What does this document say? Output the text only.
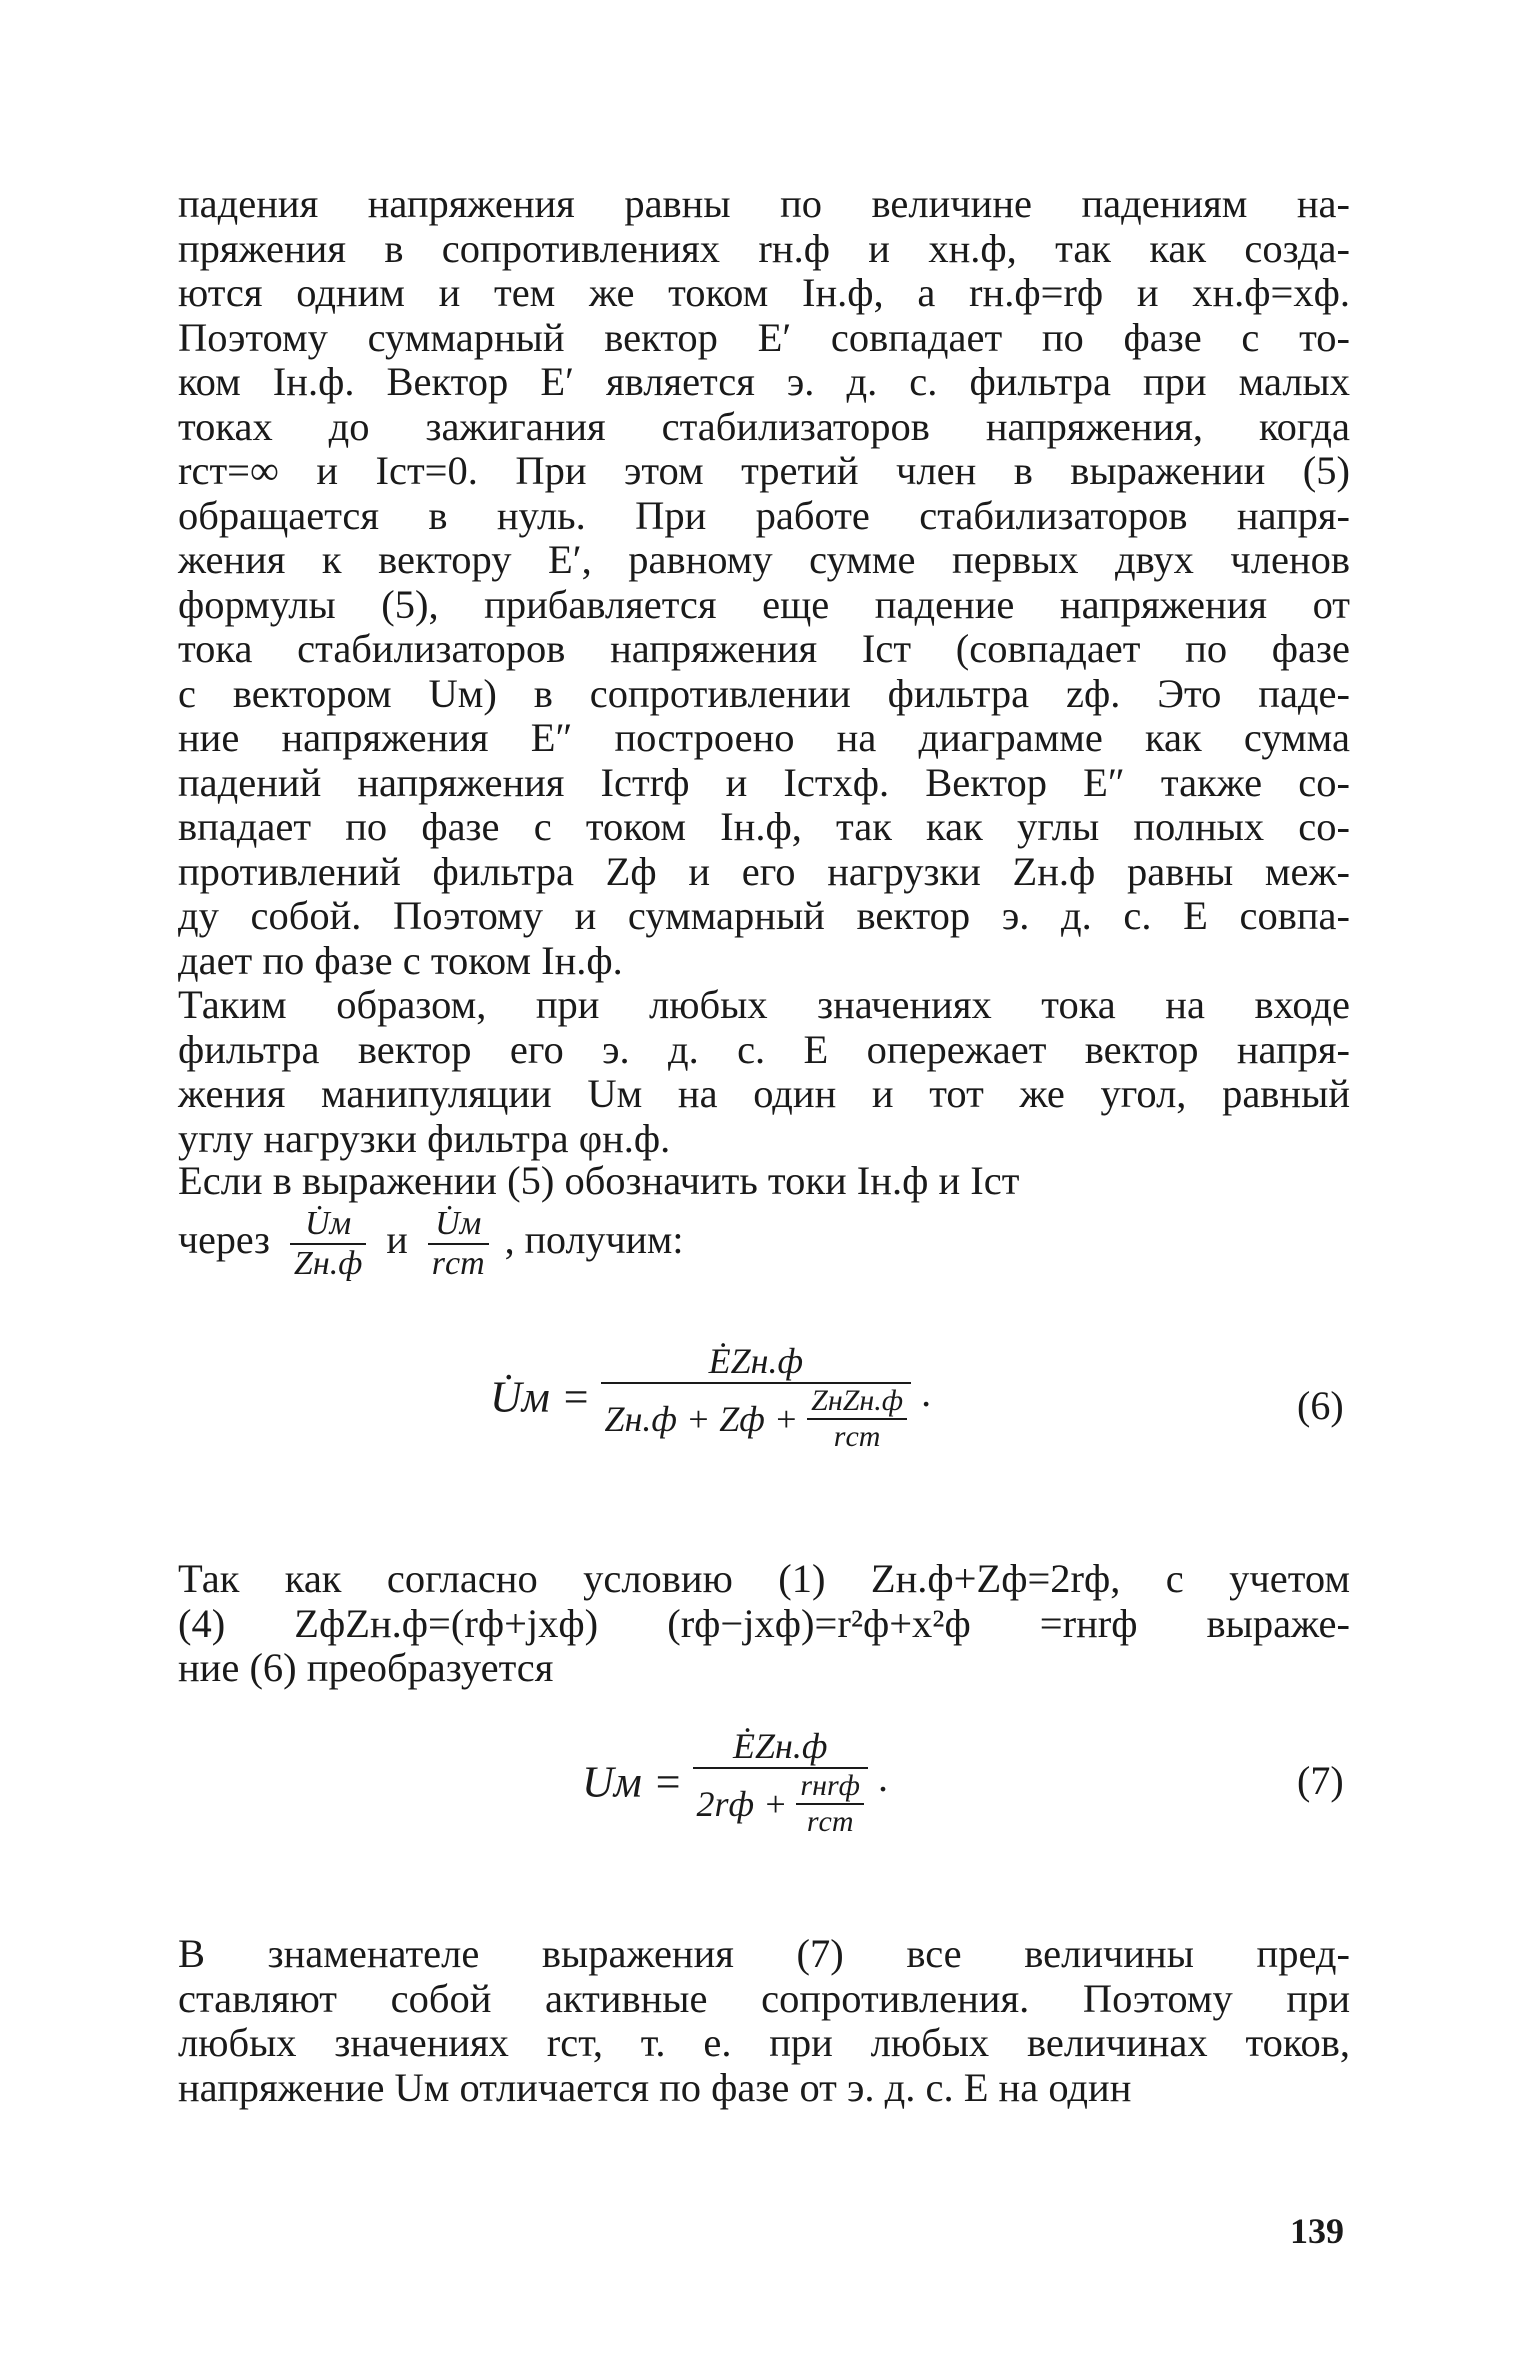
падения напряжения равны по величине падениям на-
пряжения в сопротивлениях rн.ф и xн.ф, так как созда-
ются одним и тем же током Iн.ф, а rн.ф=rф и xн.ф=xф.
Поэтому суммарный вектор E′ совпадает по фазе с то-
ком Iн.ф. Вектор E′ является э. д. с. фильтра при малых
токах до зажигания стабилизаторов напряжения, когда
rст=∞ и Iст=0. При этом третий член в выражении (5)
обращается в нуль. При работе стабилизаторов напря-
жения к вектору E′, равному сумме первых двух членов
формулы (5), прибавляется еще падение напряжения от
тока стабилизаторов напряжения Iст (совпадает по фазе
с вектором Uм) в сопротивлении фильтра zф. Это паде-
ние напряжения E″ построено на диаграмме как сумма
падений напряжения Iстrф и Iстxф. Вектор E″ также со-
впадает по фазе с током Iн.ф, так как углы полных со-
противлений фильтра Zф и его нагрузки Zн.ф равны меж-
ду собой. Поэтому и суммарный вектор э. д. с. E совпа-
дает по фазе с током Iн.ф.
Таким образом, при любых значениях тока на входе
фильтра вектор его э. д. с. E опережает вектор напря-
жения манипуляции Uм на один и тот же угол, равный
углу нагрузки фильтра φн.ф.
Если в выражении (5) обозначить токи Iн.ф и Iст
через $\frac{U̇м}{Zн.ф}$ и $\frac{U̇м}{\text{rст}}$ , получим:
U̇м = $\frac{\text{ĖZн.ф}}{Zн.ф + Zф + \frac{\text{ZнZн.ф}}{\text{rст}}}$ .	(6)
Так как согласно условию (1) Zн.ф+Zф=2rф, с учетом
(4) ZфZн.ф=(rф+jxф) (rф−jxф)=r²ф+x²ф =rнrф выраже-
ние (6) преобразуется
Uм = $\frac{\text{ĖZн.ф}}{2rф + \frac{\text{rнrф}}{\text{rст}}}$ .	(7)
В знаменателе выражения (7) все величины пред-
ставляют собой активные сопротивления. Поэтому при
любых значениях rст, т. е. при любых величинах токов,
напряжение Uм отличается по фазе от э. д. с. E на один
139
